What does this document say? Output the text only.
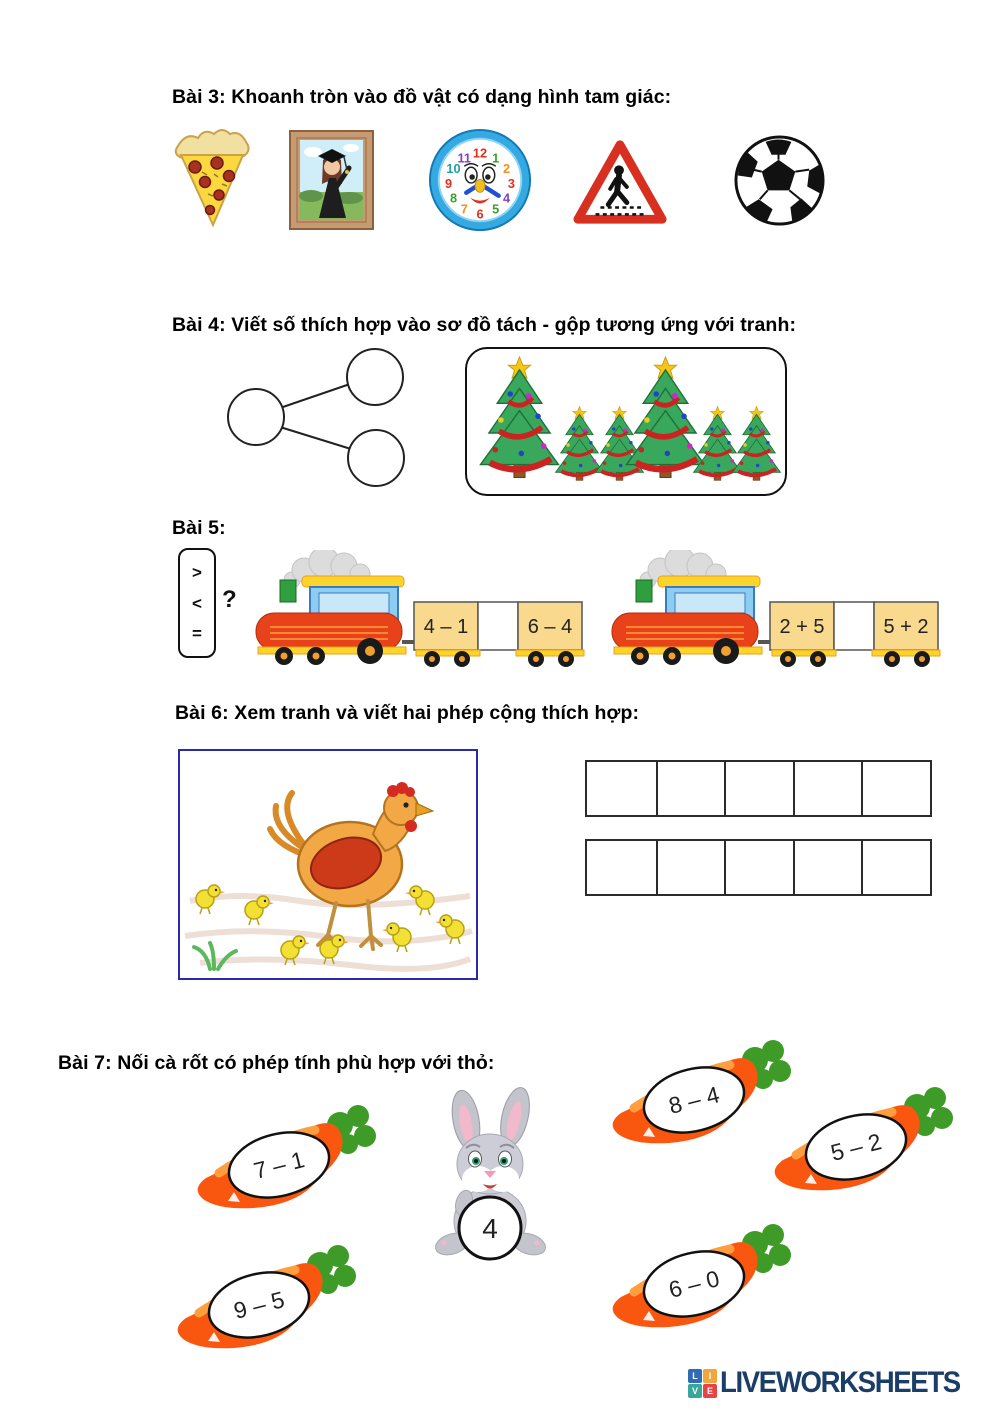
Bài 3: Khoanh tròn vào đồ vật có dạng hình tam giác:
12 1
2
3
4
5
6
7
8
9
10
11
Bài 4: Viết số thích hợp vào sơ đồ tách - gộp tương ứng với tranh:
Bài 5:
>
<
=
?
4 – 1	6 – 4	2 + 5	5 + 2
Bài 6: Xem tranh và viết hai phép cộng thích hợp:
Bài 7: Nối cà rốt có phép tính phù hợp với thỏ:
8 – 4
5 – 2
7 – 1
9 – 5
6 – 0
4
L	I
V E LIVEWORKSHEETS
